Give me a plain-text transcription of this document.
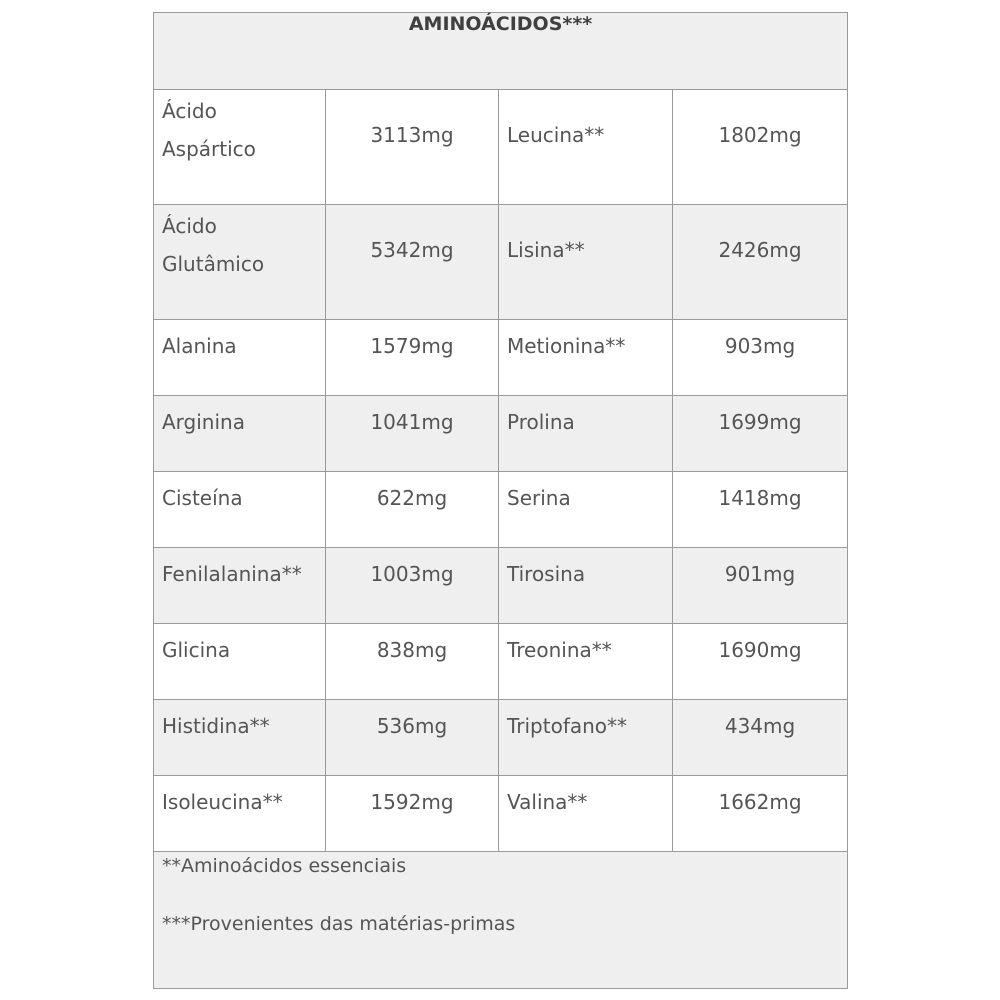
AMINOÁCIDOS***			
Ácido Aspártico	3113mg	Leucina**	1802mg
Ácido Glutâmico	5342mg	Lisina**	2426mg
Alanina	1579mg	Metionina**	903mg
Arginina	1041mg	Prolina	1699mg
Cisteína	622mg	Serina	1418mg
Fenilalanina**	1003mg	Tirosina	901mg
Glicina	838mg	Treonina**	1690mg
Histidina**	536mg	Triptofano**	434mg
Isoleucina**	1592mg	Valina**	1662mg

**Aminoácidos essenciais
***Provenientes das matérias-primas			
